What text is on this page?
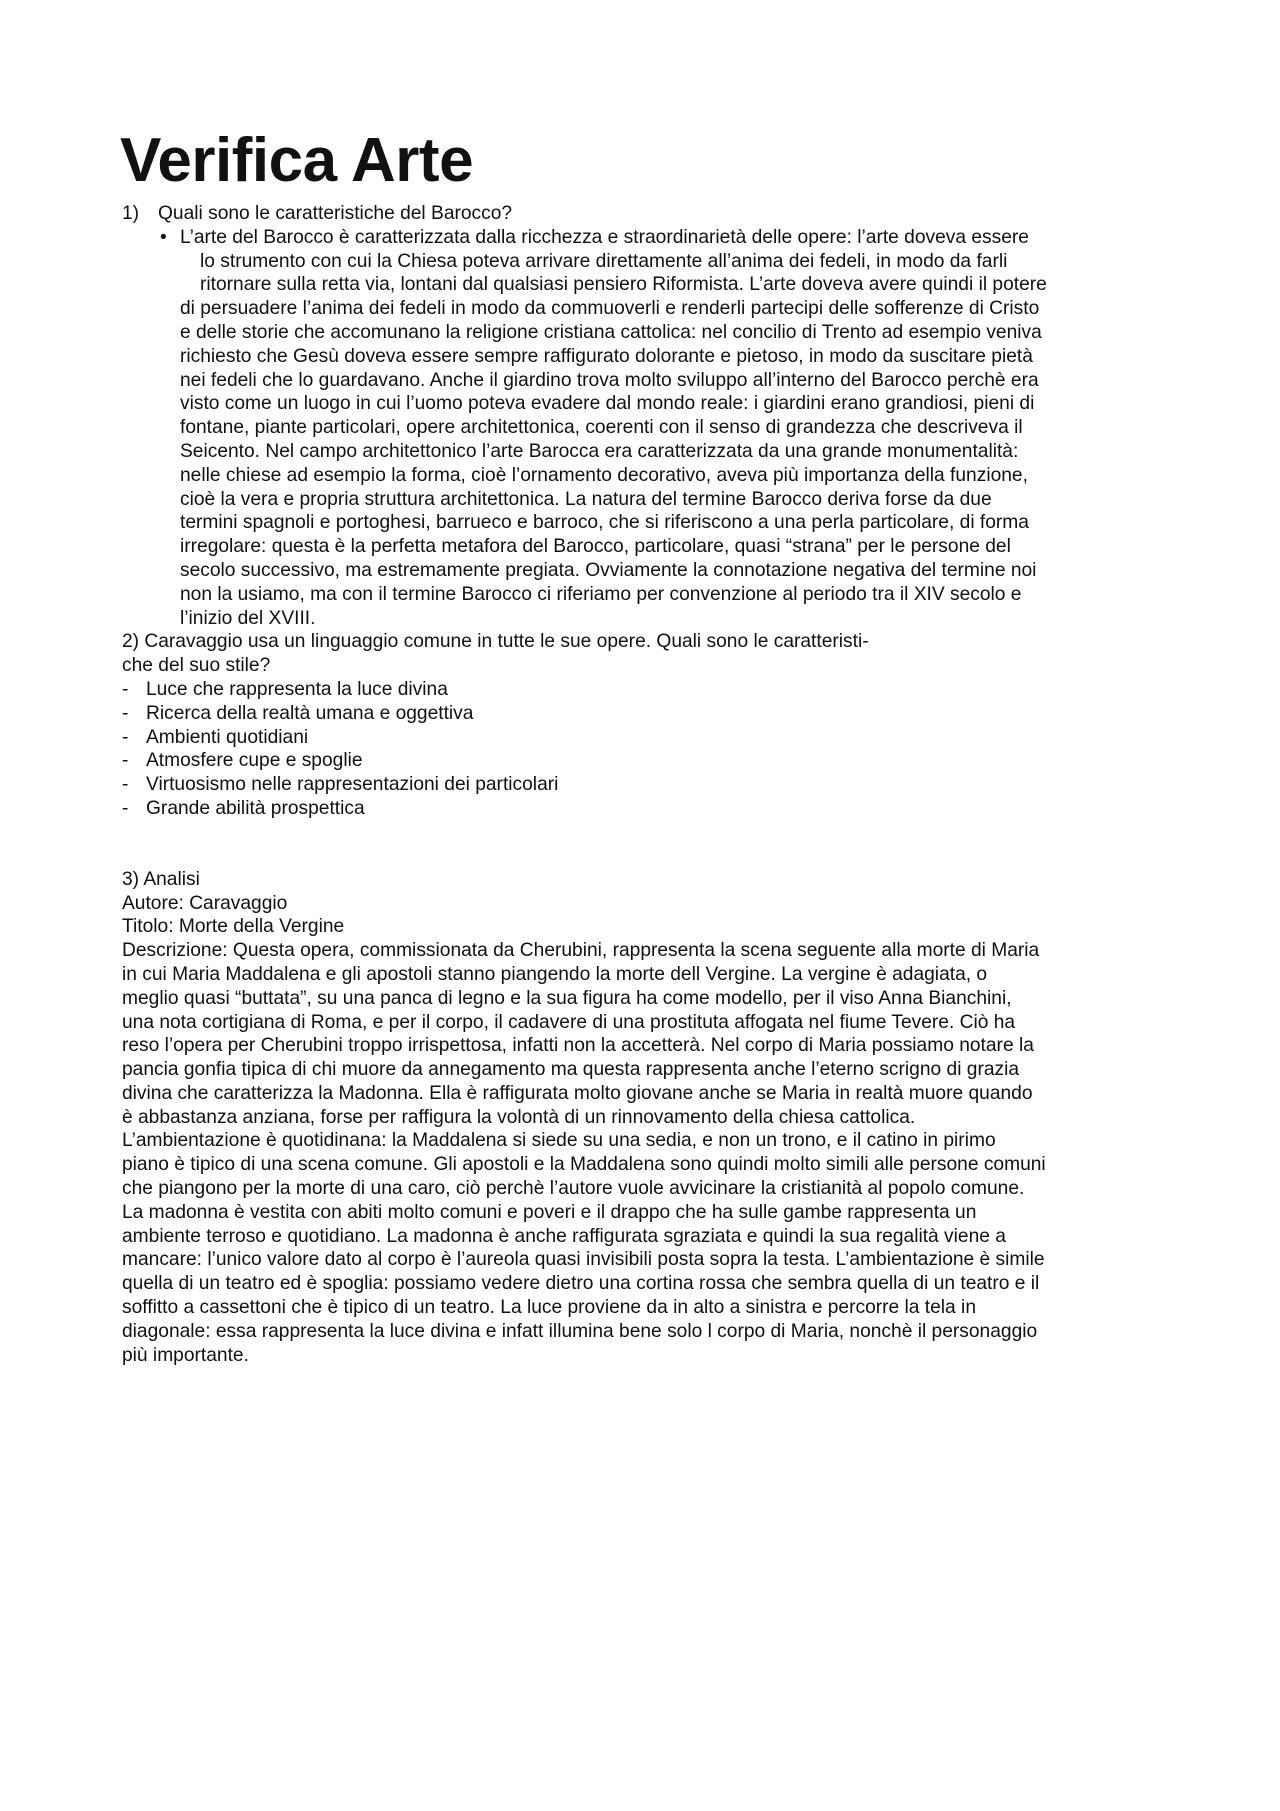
Verifica Arte
1) Quali sono le caratteristiche del Barocco?
• L’arte del Barocco è caratterizzata dalla ricchezza e straordinarietà delle opere: l’arte doveva essere
lo strumento con cui la Chiesa poteva arrivare direttamente all’anima dei fedeli, in modo da farli
ritornare sulla retta via, lontani dal qualsiasi pensiero Riformista. L’arte doveva avere quindi il potere
di persuadere l’anima dei fedeli in modo da commuoverli e renderli partecipi delle sofferenze di Cristo
e delle storie che accomunano la religione cristiana cattolica: nel concilio di Trento ad esempio veniva
richiesto che Gesù doveva essere sempre raffigurato dolorante e pietoso, in modo da suscitare pietà
nei fedeli che lo guardavano. Anche il giardino trova molto sviluppo all’interno del Barocco perchè era
visto come un luogo in cui l’uomo poteva evadere dal mondo reale: i giardini erano grandiosi, pieni di
fontane, piante particolari, opere architettonica, coerenti con il senso di grandezza che descriveva il
Seicento. Nel campo architettonico l’arte Barocca era caratterizzata da una grande monumentalità:
nelle chiese ad esempio la forma, cioè l’ornamento decorativo, aveva più importanza della funzione,
cioè la vera e propria struttura architettonica. La natura del termine Barocco deriva forse da due
termini spagnoli e portoghesi, barrueco e barroco, che si riferiscono a una perla particolare, di forma
irregolare: questa è la perfetta metafora del Barocco, particolare, quasi “strana” per le persone del
secolo successivo, ma estremamente pregiata. Ovviamente la connotazione negativa del termine noi
non la usiamo, ma con il termine Barocco ci riferiamo per convenzione al periodo tra il XIV secolo e
l’inizio del XVIII.
2) Caravaggio usa un linguaggio comune in tutte le sue opere. Quali sono le caratteristi-
che del suo stile?
- Luce che rappresenta la luce divina
- Ricerca della realtà umana e oggettiva
- Ambienti quotidiani
- Atmosfere cupe e spoglie
- Virtuosismo nelle rappresentazioni dei particolari
- Grande abilità prospettica
3) Analisi
Autore: Caravaggio
Titolo: Morte della Vergine
Descrizione: Questa opera, commissionata da Cherubini, rappresenta la scena seguente alla morte di Maria
in cui Maria Maddalena e gli apostoli stanno piangendo la morte dell Vergine. La vergine è adagiata, o
meglio quasi “buttata”, su una panca di legno e la sua figura ha come modello, per il viso Anna Bianchini,
una nota cortigiana di Roma, e per il corpo, il cadavere di una prostituta affogata nel fiume Tevere. Ciò ha
reso l’opera per Cherubini troppo irrispettosa, infatti non la accetterà. Nel corpo di Maria possiamo notare la
pancia gonfia tipica di chi muore da annegamento ma questa rappresenta anche l’eterno scrigno di grazia
divina che caratterizza la Madonna. Ella è raffigurata molto giovane anche se Maria in realtà muore quando
è abbastanza anziana, forse per raffigura la volontà di un rinnovamento della chiesa cattolica.
L’ambientazione è quotidinana: la Maddalena si siede su una sedia, e non un trono, e il catino in pirimo
piano è tipico di una scena comune. Gli apostoli e la Maddalena sono quindi molto simili alle persone comuni
che piangono per la morte di una caro, ciò perchè l’autore vuole avvicinare la cristianità al popolo comune.
La madonna è vestita con abiti molto comuni e poveri e il drappo che ha sulle gambe rappresenta un
ambiente terroso e quotidiano. La madonna è anche raffigurata sgraziata e quindi la sua regalità viene a
mancare: l’unico valore dato al corpo è l’aureola quasi invisibili posta sopra la testa. L’ambientazione è simile
quella di un teatro ed è spoglia: possiamo vedere dietro una cortina rossa che sembra quella di un teatro e il
soffitto a cassettoni che è tipico di un teatro. La luce proviene da in alto a sinistra e percorre la tela in
diagonale: essa rappresenta la luce divina e infatt illumina bene solo l corpo di Maria, nonchè il personaggio
più importante.
